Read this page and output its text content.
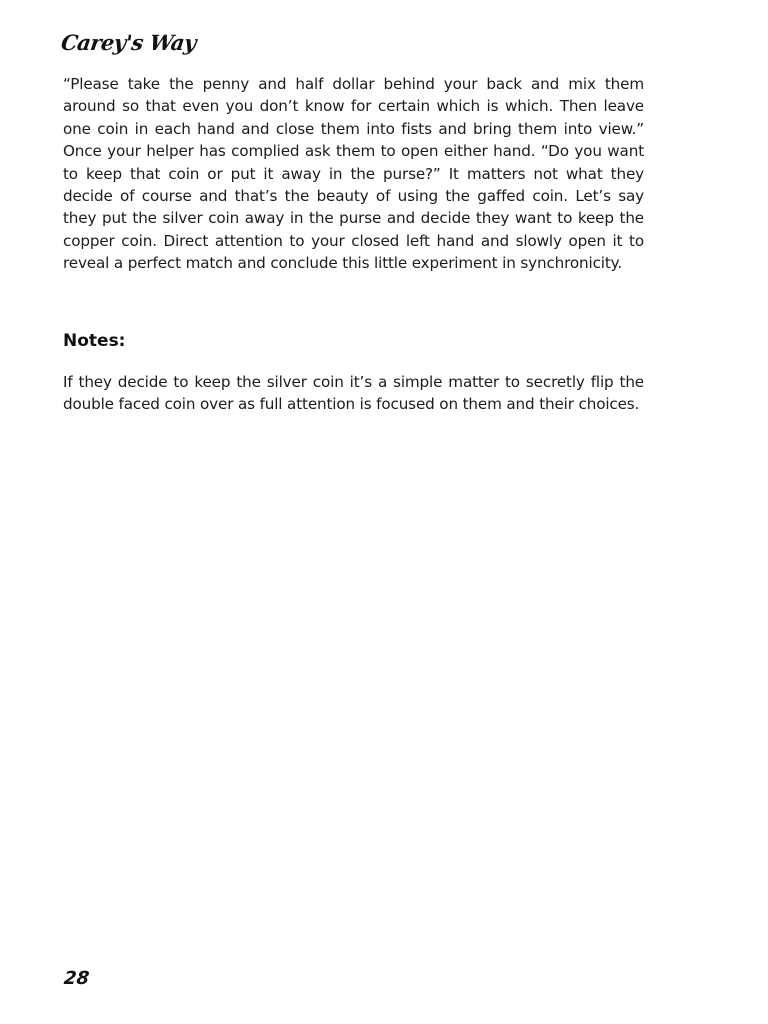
Carey's Way

“Please take the penny and half dollar behind your back and mix them around so that even you don’t know for certain which is which. Then leave one coin in each hand and close them into fists and bring them into view.” Once your helper has complied ask them to open either hand. “Do you want to keep that coin or put it away in the purse?” It matters not what they decide of course and that’s the beauty of using the gaffed coin. Let’s say they put the silver coin away in the purse and decide they want to keep the copper coin. Direct attention to your closed left hand and slowly open it to reveal a perfect match and conclude this little experiment in synchronicity.

Notes:

If they decide to keep the silver coin it’s a simple matter to secretly flip the double faced coin over as full attention is focused on them and their choices.

28
